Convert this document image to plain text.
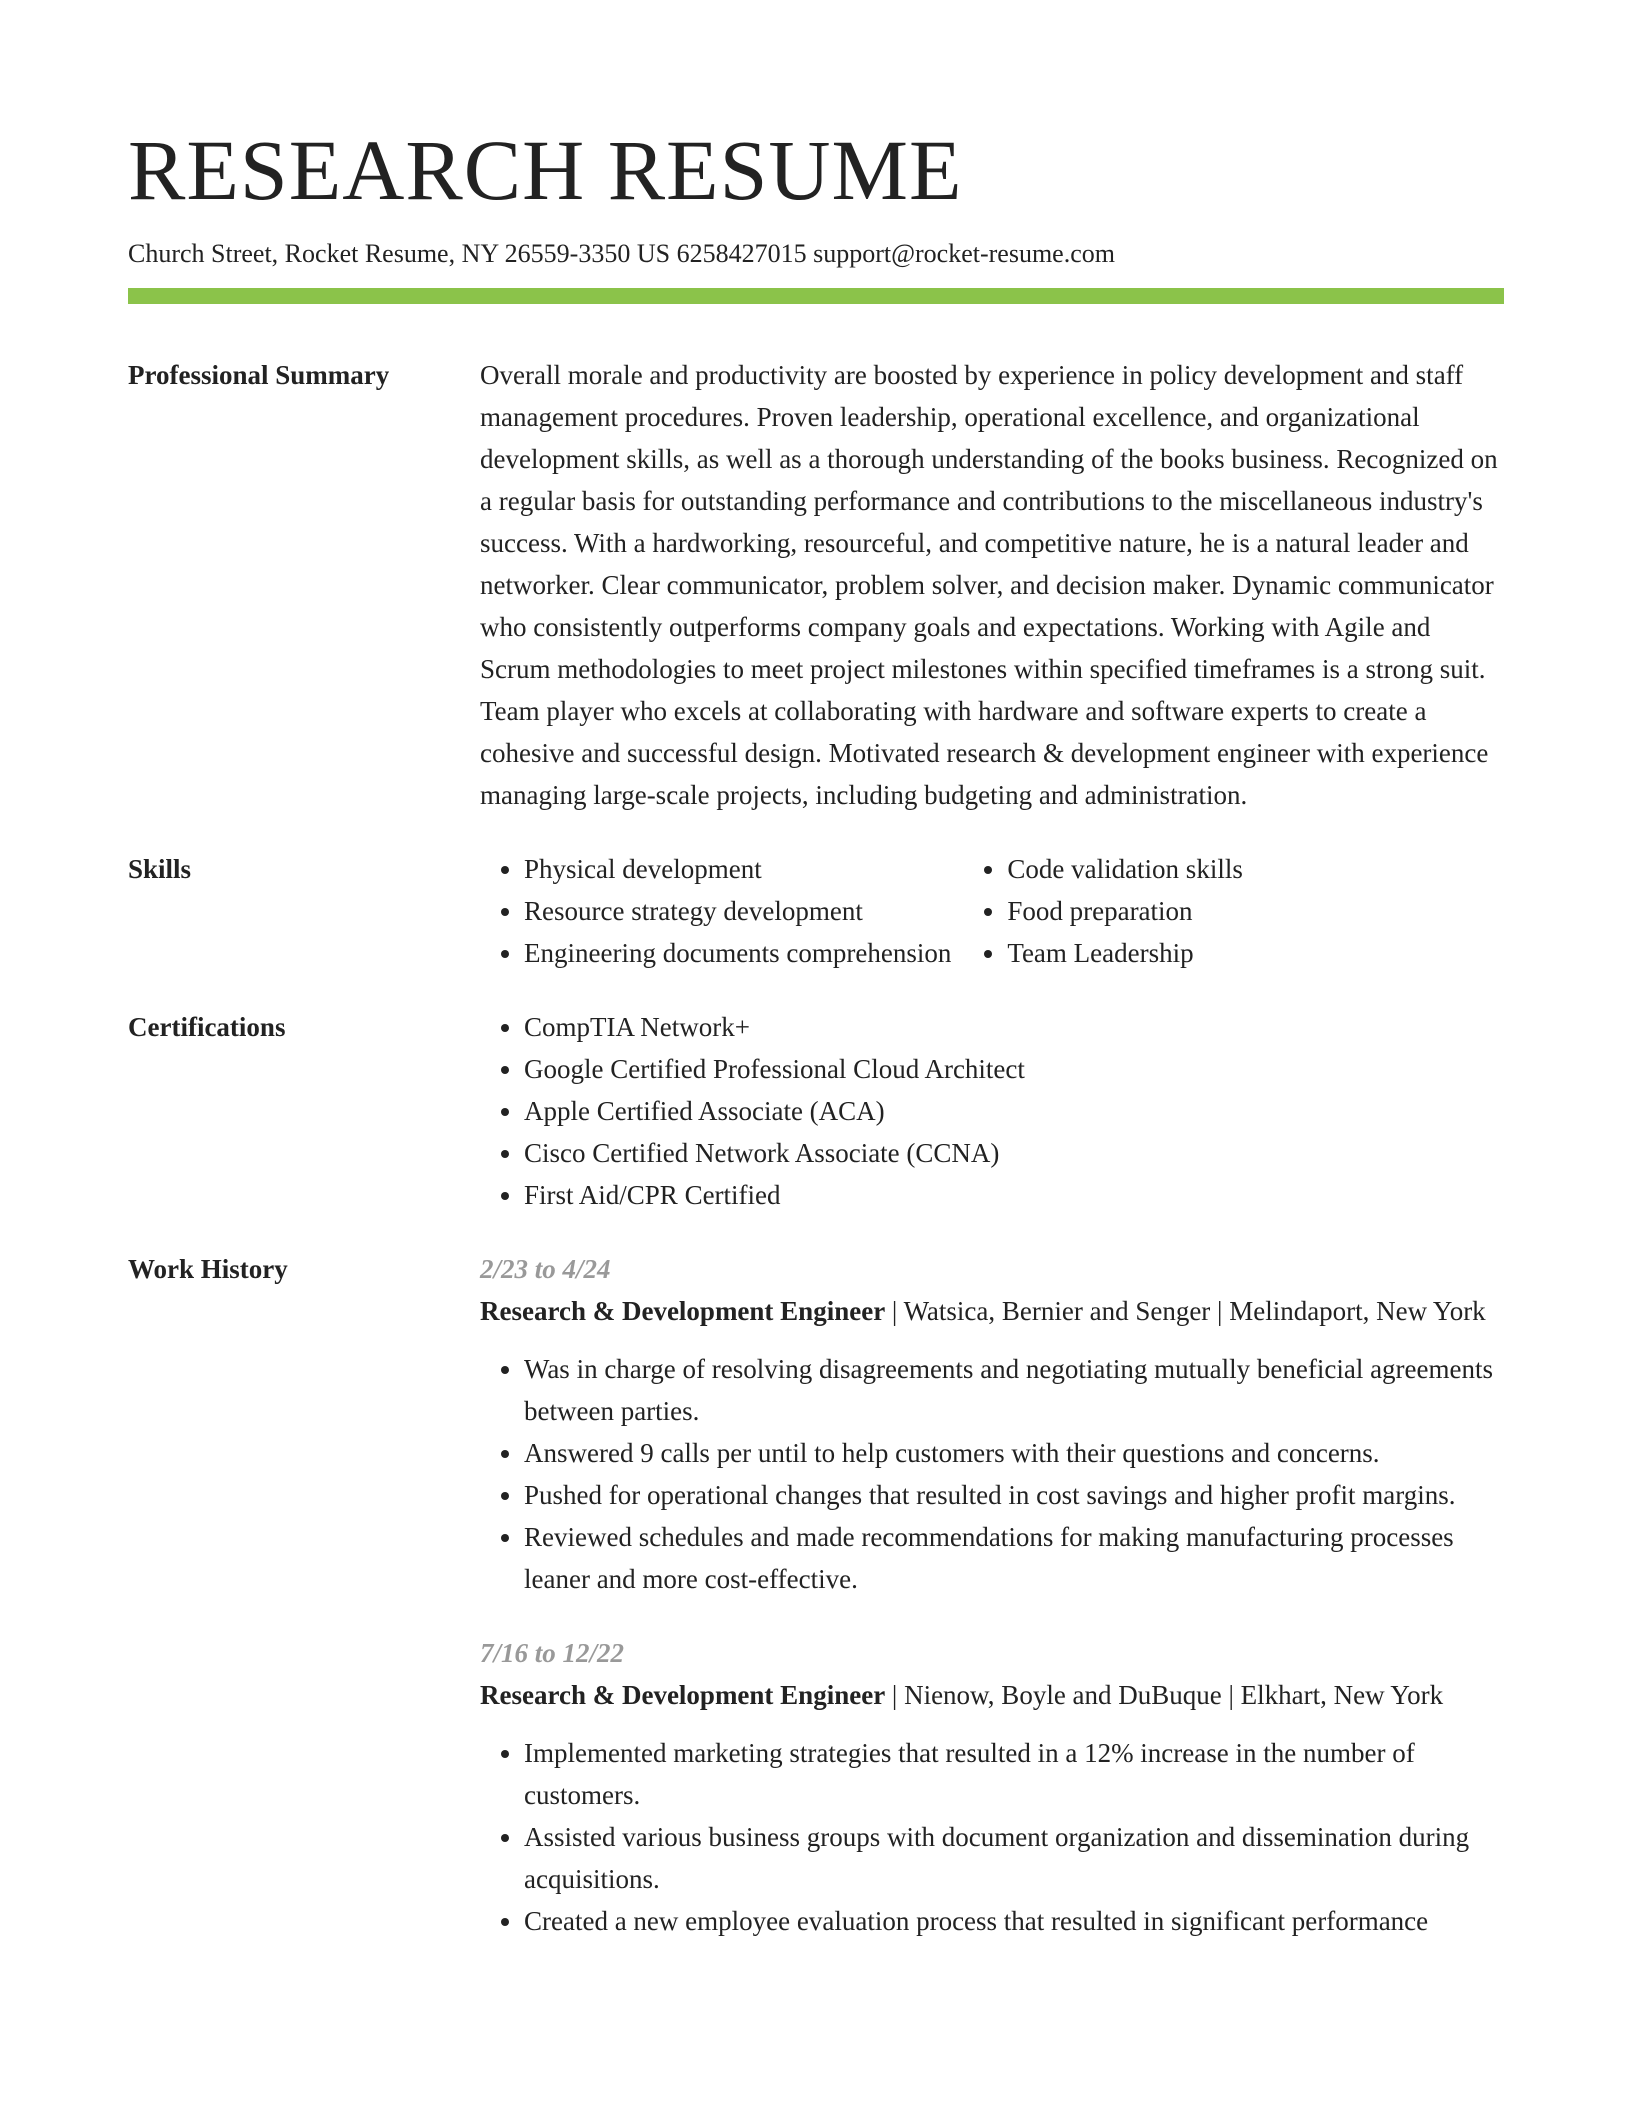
RESEARCH RESUME
Church Street, Rocket Resume, NY 26559-3350 US 6258427015 support@rocket-resume.com
Professional Summary	Overall morale and productivity are boosted by experience in policy development and staff management procedures. Proven leadership, operational excellence, and organizational development skills, as well as a thorough understanding of the books business. Recognized on a regular basis for outstanding performance and contributions to the miscellaneous industry's success. With a hardworking, resourceful, and competitive nature, he is a natural leader and networker. Clear communicator, problem solver, and decision maker. Dynamic communicator who consistently outperforms company goals and expectations. Working with Agile and Scrum methodologies to meet project milestones within specified timeframes is a strong suit. Team player who excels at collaborating with hardware and software experts to create a cohesive and successful design. Motivated research & development engineer with experience managing large-scale projects, including budgeting and administration.

Skills	• Physical development
• Resource strategy development
• Engineering documents comprehension
• Code validation skills
• Food preparation
• Team Leadership
Certifications	• CompTIA Network+
• Google Certified Professional Cloud Architect
• Apple Certified Associate (ACA)
• Cisco Certified Network Associate (CCNA)
• First Aid/CPR Certified
Work History	2/23 to 4/24
Research & Development Engineer | Watsica, Bernier and Senger | Melindaport, New York
• Was in charge of resolving disagreements and negotiating mutually beneficial agreements between parties.
• Answered 9 calls per until to help customers with their questions and concerns.
• Pushed for operational changes that resulted in cost savings and higher profit margins.
• Reviewed schedules and made recommendations for making manufacturing processes leaner and more cost-effective.
7/16 to 12/22
Research & Development Engineer | Nienow, Boyle and DuBuque | Elkhart, New York
• Implemented marketing strategies that resulted in a 12% increase in the number of customers.
• Assisted various business groups with document organization and dissemination during acquisitions.
• Created a new employee evaluation process that resulted in significant performance
